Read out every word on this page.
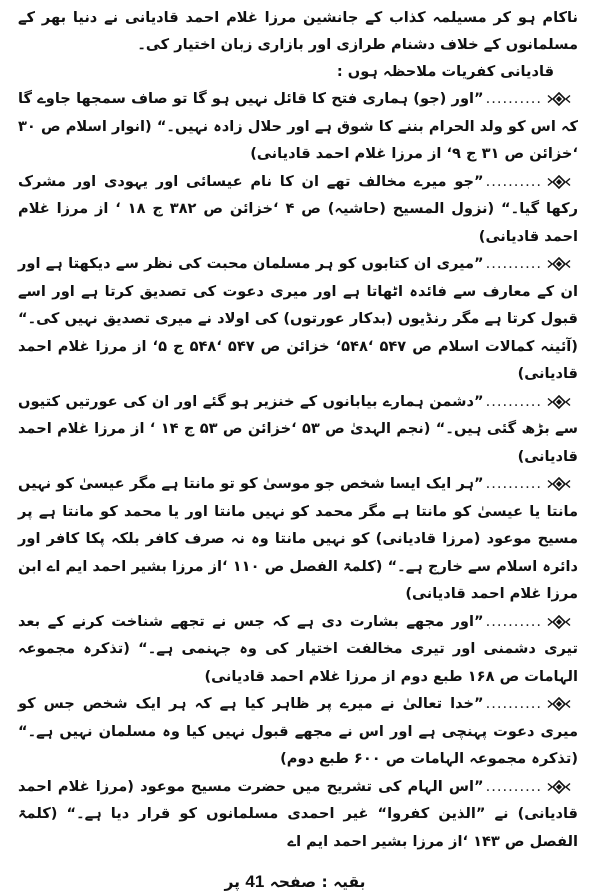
ناکام ہو کر مسیلمہ کذاب کے جانشین مرزا غلام احمد قادیانی نے دنیا بھر کے مسلمانوں کے خلاف دشنام طرازی اور بازاری زبان اختیار کی۔

قادیانی کفریات ملاحظہ ہوں :

..........”اور (جو) ہماری فتح کا قائل نہیں ہو گا تو صاف سمجھا جاوے گا کہ اس کو ولد الحرام بننے کا شوق ہے اور حلال زادہ نہیں۔“ (انوار اسلام ص ۳۰ ‘خزائن ص ۳۱ ج ۹‘ از مرزا غلام احمد قادیانی)
..........”جو میرے مخالف تھے ان کا نام عیسائی اور یہودی اور مشرک رکھا گیا۔“ (نزول المسیح (حاشیہ) ص ۴ ‘خزائن ص ۳۸۲ ج ۱۸ ‘ از مرزا غلام احمد قادیانی)
..........”میری ان کتابوں کو ہر مسلمان محبت کی نظر سے دیکھتا ہے اور ان کے معارف سے فائدہ اٹھاتا ہے اور میری دعوت کی تصدیق کرتا ہے اور اسے قبول کرتا ہے مگر رنڈیوں (بدکار عورتوں) کی اولاد نے میری تصدیق نہیں کی۔“ (آئینہ کمالات اسلام ص ۵۴۷ ‘۵۴۸‘ خزائن ص ۵۴۷ ‘۵۴۸ ج ۵‘ از مرزا غلام احمد قادیانی)
..........”دشمن ہمارے بیابانوں کے خنزیر ہو گئے اور ان کی عورتیں کتیوں سے بڑھ گئی ہیں۔“ (نجم الہدیٰ ص ۵۳ ‘خزائن ص ۵۳ ج ۱۴ ‘ از مرزا غلام احمد قادیانی)
..........”ہر ایک ایسا شخص جو موسیٰ کو تو مانتا ہے مگر عیسیٰ کو نہیں مانتا یا عیسیٰ کو مانتا ہے مگر محمد کو نہیں مانتا اور یا محمد کو مانتا ہے پر مسیح موعود (مرزا قادیانی) کو نہیں مانتا وہ نہ صرف کافر بلکہ پکا کافر اور دائرہ اسلام سے خارج ہے۔“ (کلمۃ الفصل ص ۱۱۰ ‘از مرزا بشیر احمد ایم اے ابن مرزا غلام احمد قادیانی)
..........”اور مجھے بشارت دی ہے کہ جس نے تجھے شناخت کرنے کے بعد تیری دشمنی اور تیری مخالفت اختیار کی وہ جہنمی ہے۔“ (تذکرہ مجموعہ الہامات ص ۱۶۸ طبع دوم از مرزا غلام احمد قادیانی)
..........”خدا تعالیٰ نے میرے پر ظاہر کیا ہے کہ ہر ایک شخص جس کو میری دعوت پہنچی ہے اور اس نے مجھے قبول نہیں کیا وہ مسلمان نہیں ہے۔“ (تذکرہ مجموعہ الہامات ص ۶۰۰ طبع دوم)
..........”اس الہام کی تشریح میں حضرت مسیح موعود (مرزا غلام احمد قادیانی) نے ”الذین کفروا“ غیر احمدی مسلمانوں کو قرار دیا ہے۔“ (کلمۃ الفصل ص ۱۴۳ ‘از مرزا بشیر احمد ایم اے
بقیہ : صفحہ 41 پر
